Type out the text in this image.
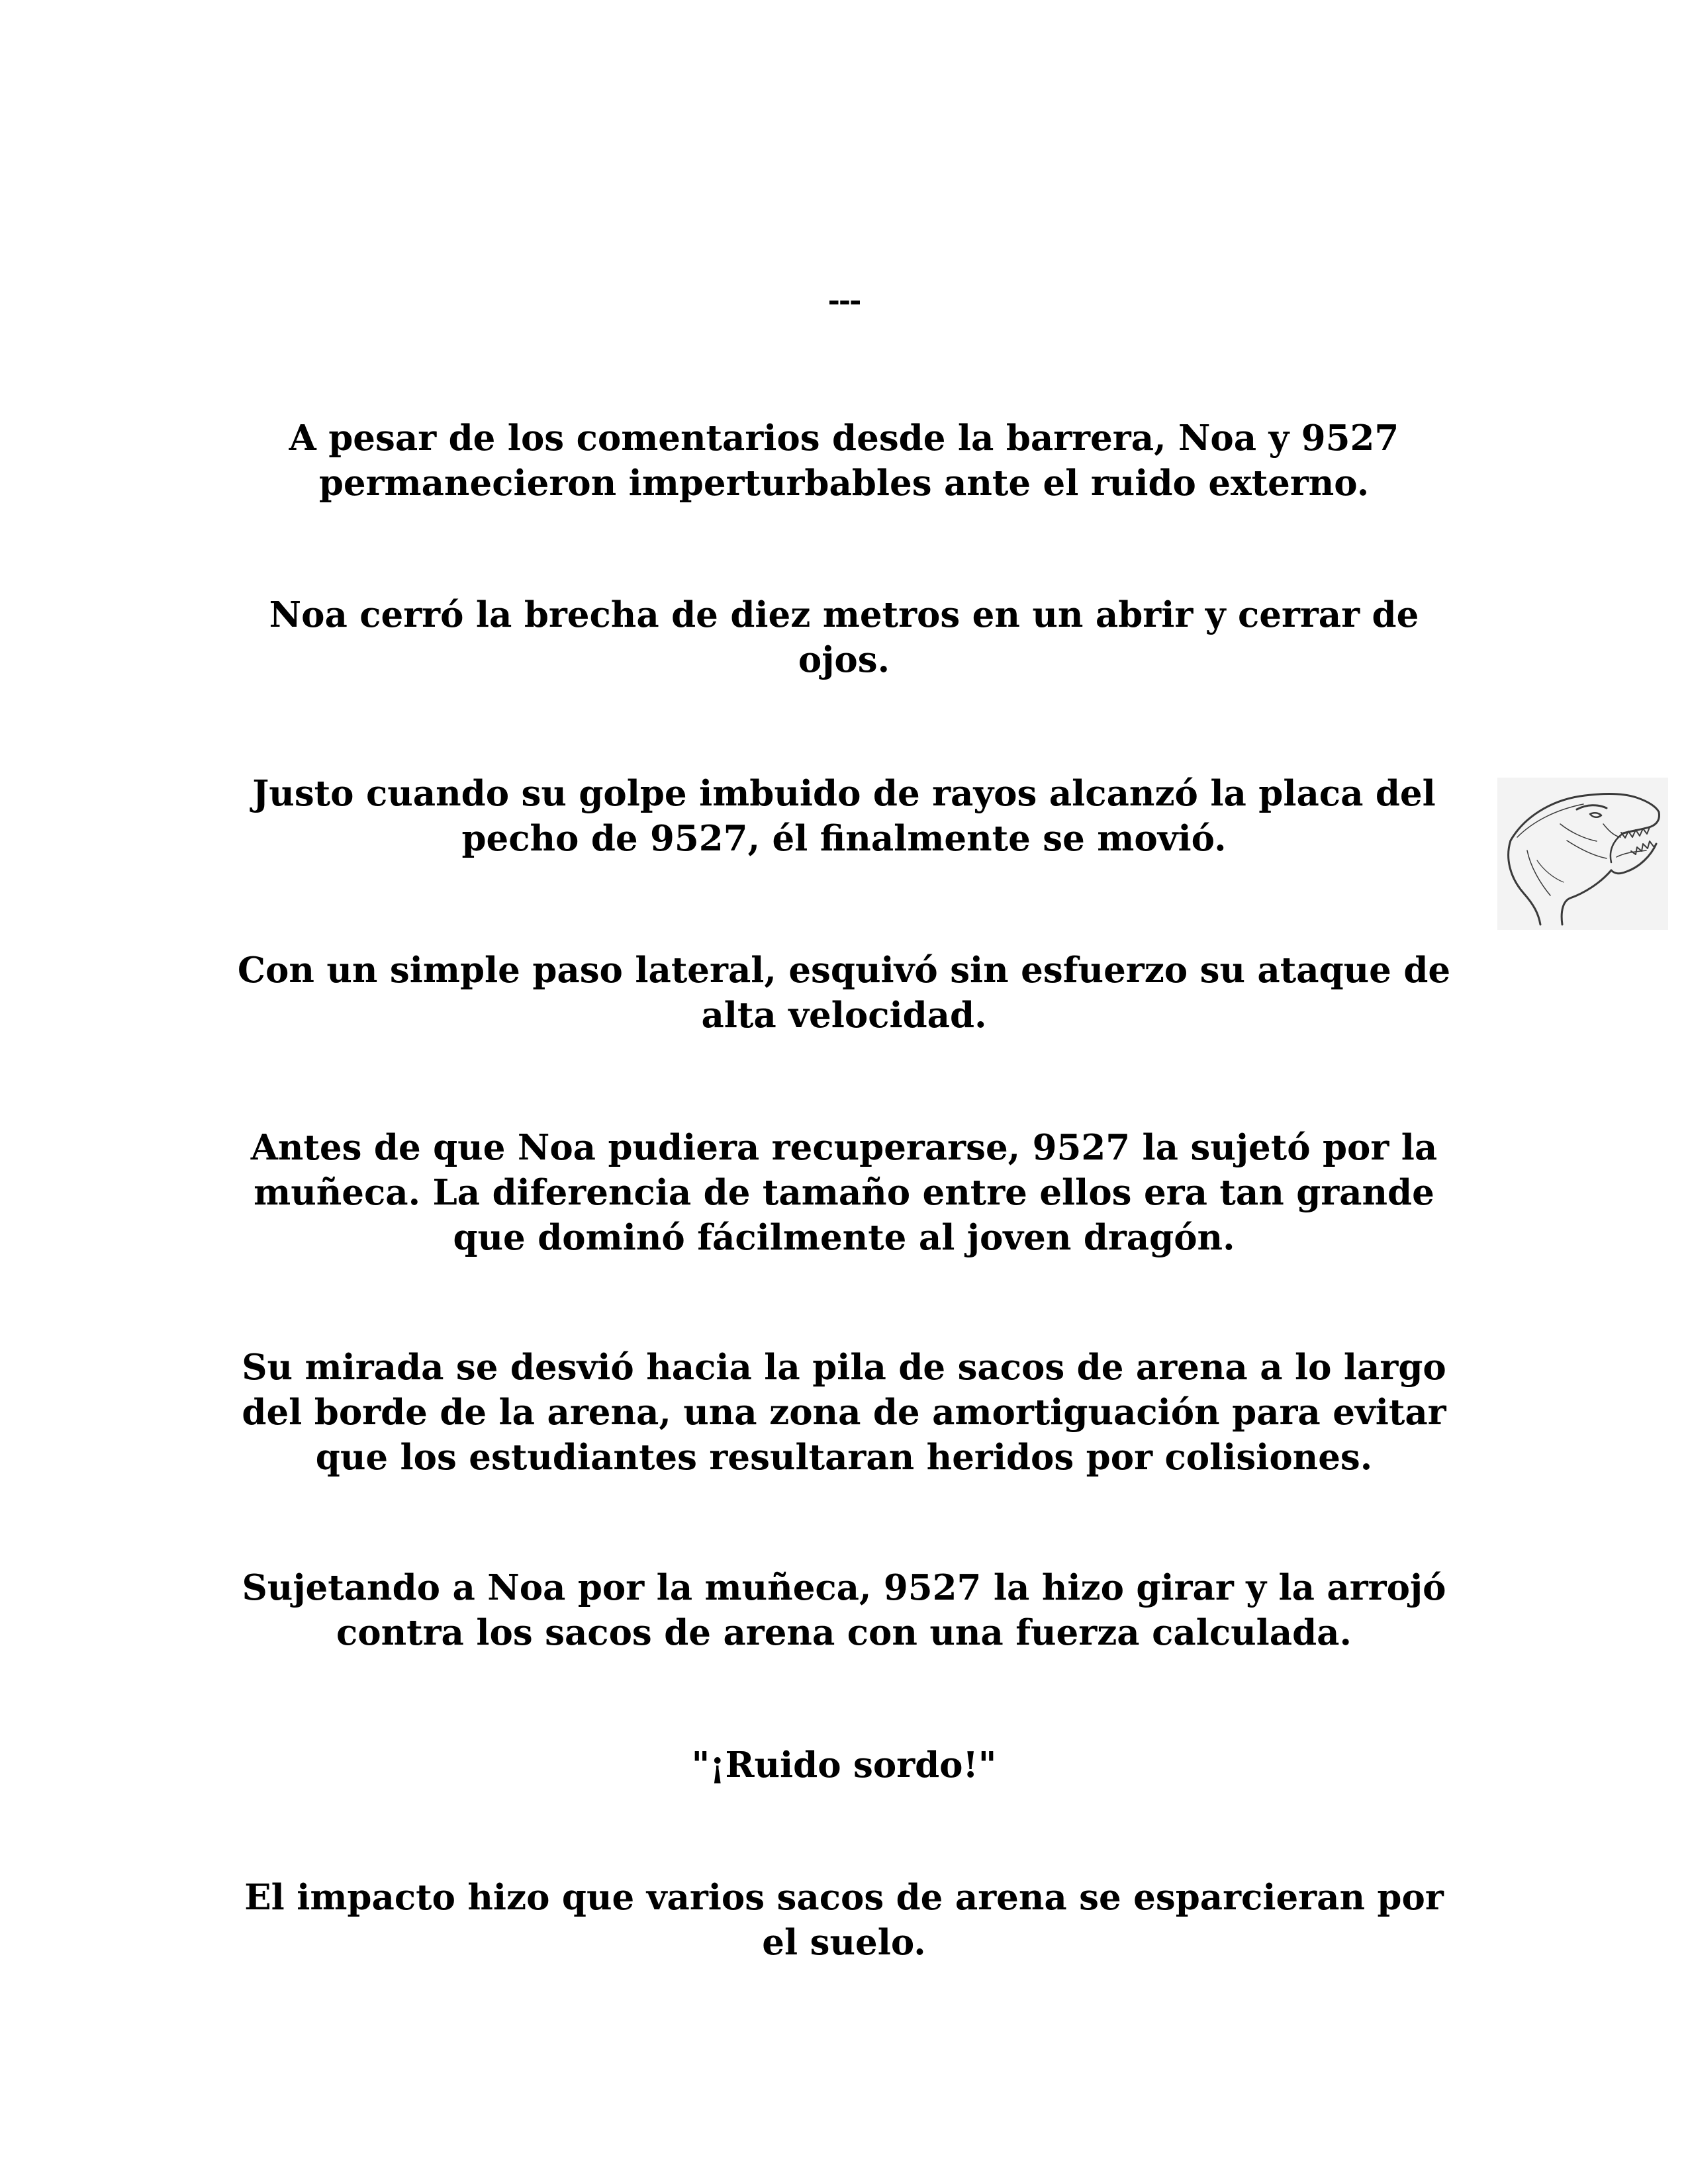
---

A pesar de los comentarios desde la barrera, Noa y 9527 permanecieron imperturbables ante el ruido externo.

Noa cerró la brecha de diez metros en un abrir y cerrar de ojos.

Justo cuando su golpe imbuido de rayos alcanzó la placa del pecho de 9527, él finalmente se movió.

Con un simple paso lateral, esquivó sin esfuerzo su ataque de alta velocidad.

Antes de que Noa pudiera recuperarse, 9527 la sujetó por la muñeca. La diferencia de tamaño entre ellos era tan grande que dominó fácilmente al joven dragón.

Su mirada se desvió hacia la pila de sacos de arena a lo largo del borde de la arena, una zona de amortiguación para evitar que los estudiantes resultaran heridos por colisiones.

Sujetando a Noa por la muñeca, 9527 la hizo girar y la arrojó contra los sacos de arena con una fuerza calculada.

"¡Ruido sordo!"

El impacto hizo que varios sacos de arena se esparcieran por el suelo.
